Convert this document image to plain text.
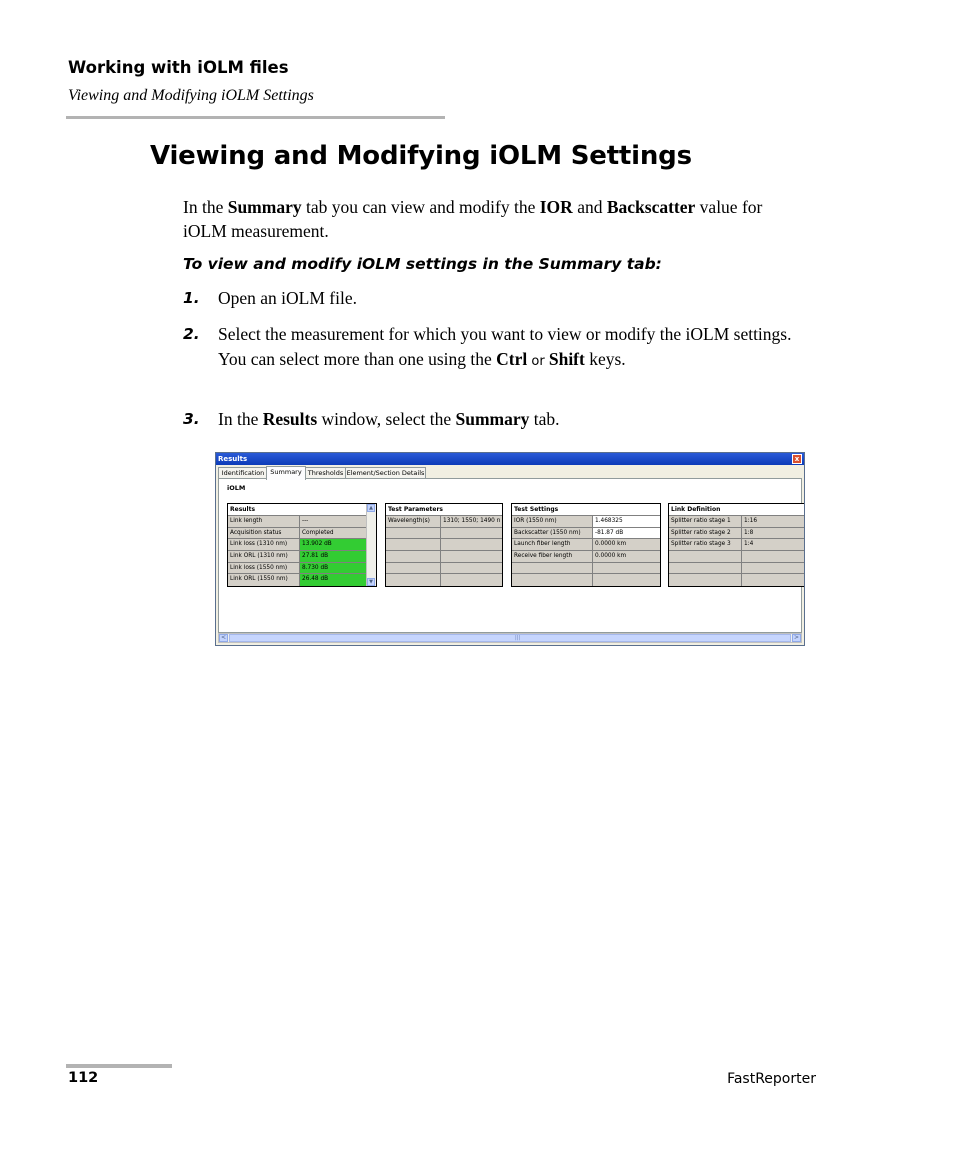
Working with iOLM files
Viewing and Modifying iOLM Settings
Viewing and Modifying iOLM Settings
In the Summary tab you can view and modify the IOR and Backscatter value for iOLM measurement.
To view and modify iOLM settings in the Summary tab:
1. Open an iOLM file.
2. Select the measurement for which you want to view or modify the iOLM settings. You can select more than one using the Ctrl or Shift keys.
3. In the Results window, select the Summary tab.
Results	x
Identification Summary Thresholds Element/Section Details
iOLM
Results
Link length	---
Acquisition status	Completed
Link loss (1310 nm)	13.902 dB
Link ORL (1310 nm)	27.81 dB
Link loss (1550 nm)	8.730 dB
Link ORL (1550 nm)	26.48 dB
▲
▼
Test Parameters
Wavelength(s)	1310; 1550; 1490 n
Test Settings
IOR (1550 nm)	1.468325
Backscatter (1550 nm)	-81.87 dB
Launch fiber length	0.0000 km
Receive fiber length	0.0000 km
Link Definition
Splitter ratio stage 1	1:16
Splitter ratio stage 2	1:8
Splitter ratio stage 3	1:4
<	|||	>
112	FastReporter
